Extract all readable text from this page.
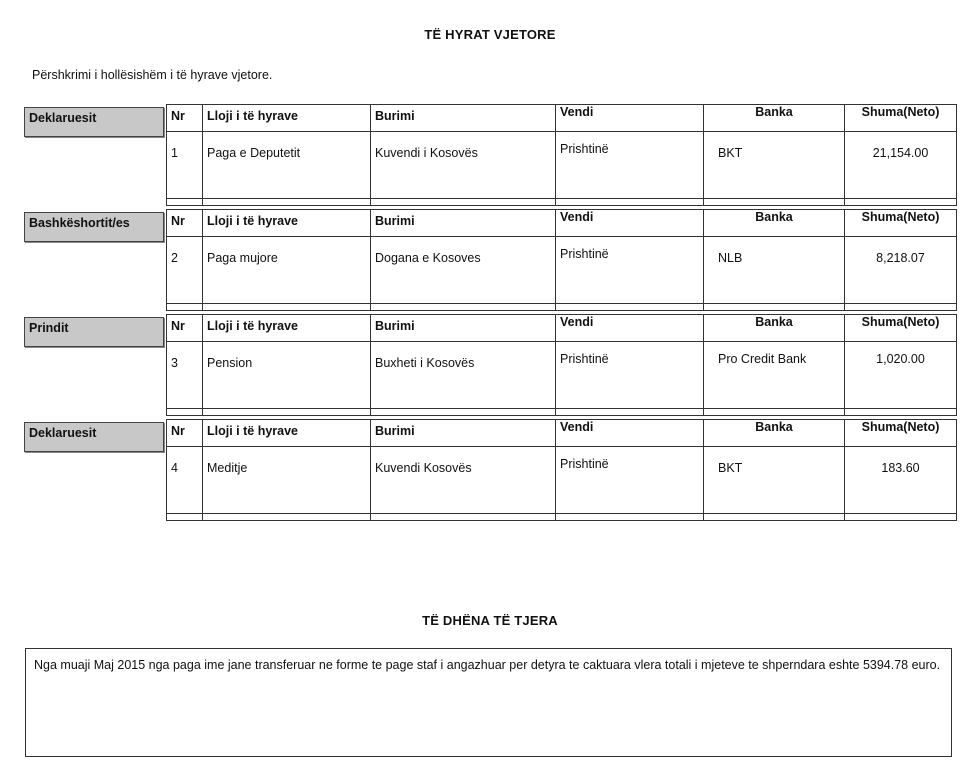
TË HYRAT VJETORE
Përshkrimi i hollësishëm i të hyrave vjetore.
Deklaruesit	Nr	Lloji i të hyrave	Burimi	Vendi	Banka	Shuma(Neto)
1	Paga e Deputetit	Kuvendi i Kosovës	Prishtinë	BKT	21,154.00

Bashkëshortit/es	Nr	Lloji i të hyrave	Burimi	Vendi	Banka	Shuma(Neto)
2	Paga mujore	Dogana e Kosoves	Prishtinë	NLB	8,218.07

Prindit	Nr	Lloji i të hyrave	Burimi	Vendi	Banka	Shuma(Neto)
3	Pension	Buxheti i Kosovës	Prishtinë	Pro Credit Bank	1,020.00

Deklaruesit	Nr	Lloji i të hyrave	Burimi	Vendi	Banka	Shuma(Neto)
4	Meditje	Kuvendi Kosovës	Prishtinë	BKT	183.60

TË DHËNA TË TJERA
Nga muaji Maj 2015 nga paga ime jane transferuar ne forme te page staf i angazhuar per detyra te caktuara vlera totali i mjeteve te shperndara eshte 5394.78 euro.
